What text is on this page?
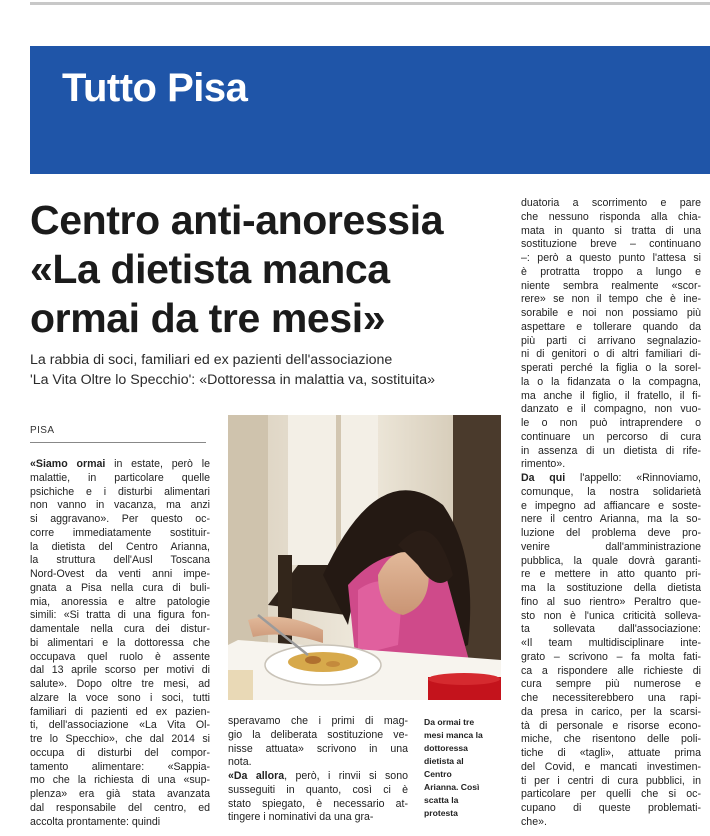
Tutto Pisa
Centro anti-anoressia
«La dietista manca
ormai da tre mesi»
La rabbia di soci, familiari ed ex pazienti dell'associazione
'La Vita Oltre lo Specchio': «Dottoressa in malattia va, sostituita»
PISA
«Siamo ormai in estate, però le
malattie, in particolare quelle
psichiche e i disturbi alimentari
non vanno in vacanza, ma anzi
si aggravano». Per questo oc-
corre immediatamente sostituir-
la dietista del Centro Arianna,
la struttura dell'Ausl Toscana
Nord-Ovest da venti anni impe-
gnata a Pisa nella cura di buli-
mia, anoressia e altre patologie
simili: «Si tratta di una figura fon-
damentale nella cura dei distur-
bi alimentari e la dottoressa che
occupava quel ruolo è assente
dal 13 aprile scorso per motivi di
salute». Dopo oltre tre mesi, ad
alzare la voce sono i soci, tutti
familiari di pazienti ed ex pazien-
ti, dell'associazione «La Vita Ol-
tre lo Specchio», che dal 2014 si
occupa di disturbi del compor-
tamento alimentare: «Sappia-
mo che la richiesta di una «sup-
plenza» era già stata avanzata
dal responsabile del centro, ed
accolta prontamente: quindi
speravamo che i primi di mag-
gio la deliberata sostituzione ve-
nisse attuata» scrivono in una
nota.
«Da allora, però, i rinvii si sono
susseguiti in quanto, così ci è
stato spiegato, è necessario at-
tingere i nominativi da una gra-
Da ormai tre
mesi manca la
dottoressa
dietista al
Centro
Arianna. Così
scatta la
protesta
duatoria a scorrimento e pare
che nessuno risponda alla chia-
mata in quanto si tratta di una
sostituzione breve – continuano
–: però a questo punto l'attesa si
è protratta troppo a lungo e
niente sembra realmente «scor-
rere» se non il tempo che è ine-
sorabile e noi non possiamo più
aspettare e tollerare quando da
più parti ci arrivano segnalazio-
ni di genitori o di altri familiari di-
sperati perché la figlia o la sorel-
la o la fidanzata o la compagna,
ma anche il figlio, il fratello, il fi-
danzato e il compagno, non vuo-
le o non può intraprendere o
continuare un percorso di cura
in assenza di un dietista di rife-
rimento».
Da qui l'appello: «Rinnoviamo,
comunque, la nostra solidarietà
e impegno ad affiancare e soste-
nere il centro Arianna, ma la so-
luzione del problema deve pro-
venire dall'amministrazione
pubblica, la quale dovrà garanti-
re e mettere in atto quanto pri-
ma la sostituzione della dietista
fino al suo rientro» Peraltro que-
sto non è l'unica criticità solleva-
ta sollevata dall'associazione:
«Il team multidisciplinare inte-
grato – scrivono – fa molta fati-
ca a rispondere alle richieste di
cura sempre più numerose e
che necessiterebbero una rapi-
da presa in carico, per la scarsi-
tà di personale e risorse econo-
miche, che risentono delle poli-
tiche di «tagli», attuate prima
del Covid, e mancati investimen-
ti per i centri di cura pubblici, in
particolare per quelli che si oc-
cupano di queste problemati-
che».
